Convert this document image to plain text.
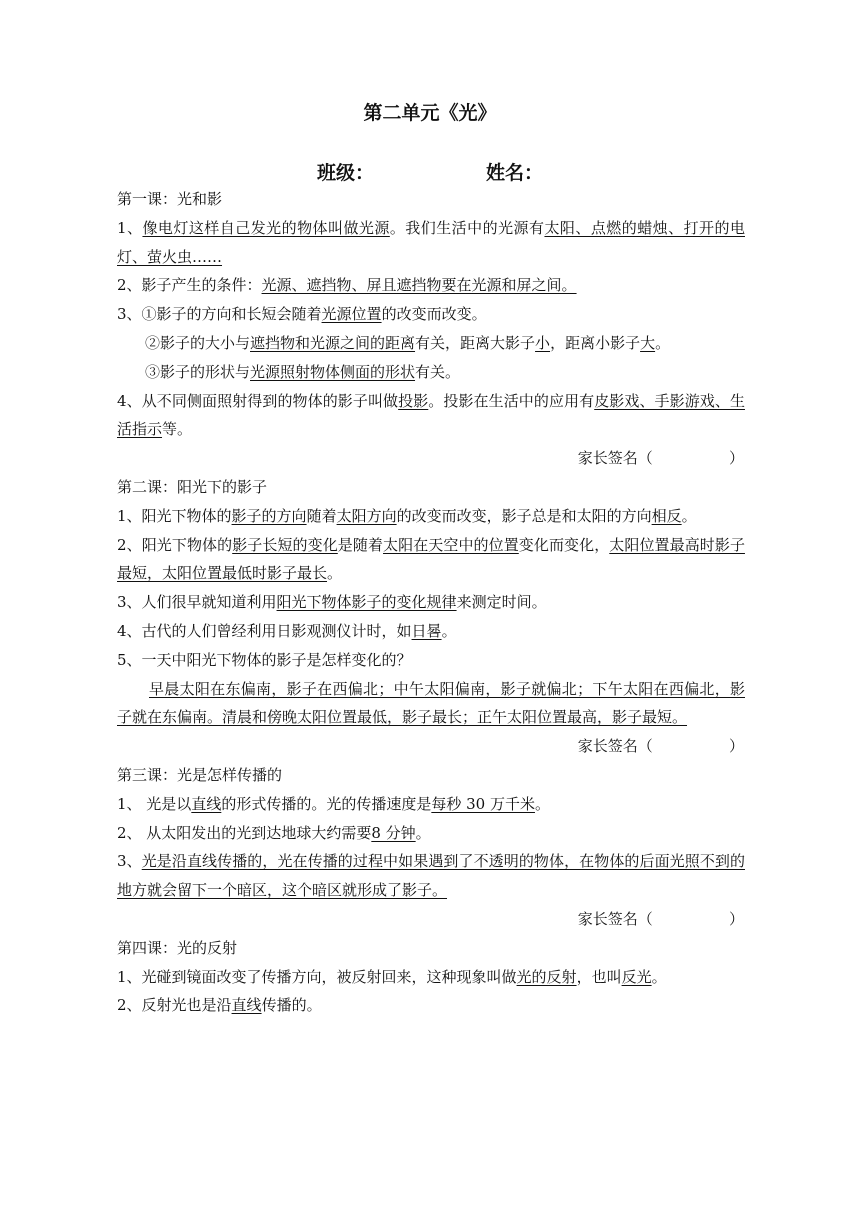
第二单元《光》
班级：	姓名：

第一课：光和影

1、像电灯这样自己发光的物体叫做光源。我们生活中的光源有太阳、点燃的蜡烛、打开的电灯、萤火虫……

2、影子产生的条件：光源、遮挡物、屏且遮挡物要在光源和屏之间。

3、①影子的方向和长短会随着光源位置的改变而改变。

②影子的大小与遮挡物和光源之间的距离有关，距离大影子小，距离小影子大。

③影子的形状与光源照射物体侧面的形状有关。

4、从不同侧面照射得到的物体的影子叫做投影。投影在生活中的应用有皮影戏、手影游戏、生活指示等。

家长签名（                ）

第二课：阳光下的影子

1、阳光下物体的影子的方向随着太阳方向的改变而改变，影子总是和太阳的方向相反。

2、阳光下物体的影子长短的变化是随着太阳在天空中的位置变化而变化，太阳位置最高时影子最短，太阳位置最低时影子最长。

3、人们很早就知道利用阳光下物体影子的变化规律来测定时间。

4、古代的人们曾经利用日影观测仪计时，如日晷。

5、一天中阳光下物体的影子是怎样变化的？

早晨太阳在东偏南，影子在西偏北；中午太阳偏南，影子就偏北；下午太阳在西偏北，影子就在东偏南。清晨和傍晚太阳位置最低，影子最长；正午太阳位置最高，影子最短。

家长签名（                ）

第三课：光是怎样传播的

1、 光是以直线的形式传播的。光的传播速度是每秒 30 万千米。

2、 从太阳发出的光到达地球大约需要8 分钟。

3、光是沿直线传播的，光在传播的过程中如果遇到了不透明的物体，在物体的后面光照不到的地方就会留下一个暗区，这个暗区就形成了影子。

家长签名（                ）

第四课：光的反射

1、光碰到镜面改变了传播方向，被反射回来，这种现象叫做光的反射，也叫反光。

2、反射光也是沿直线传播的。
